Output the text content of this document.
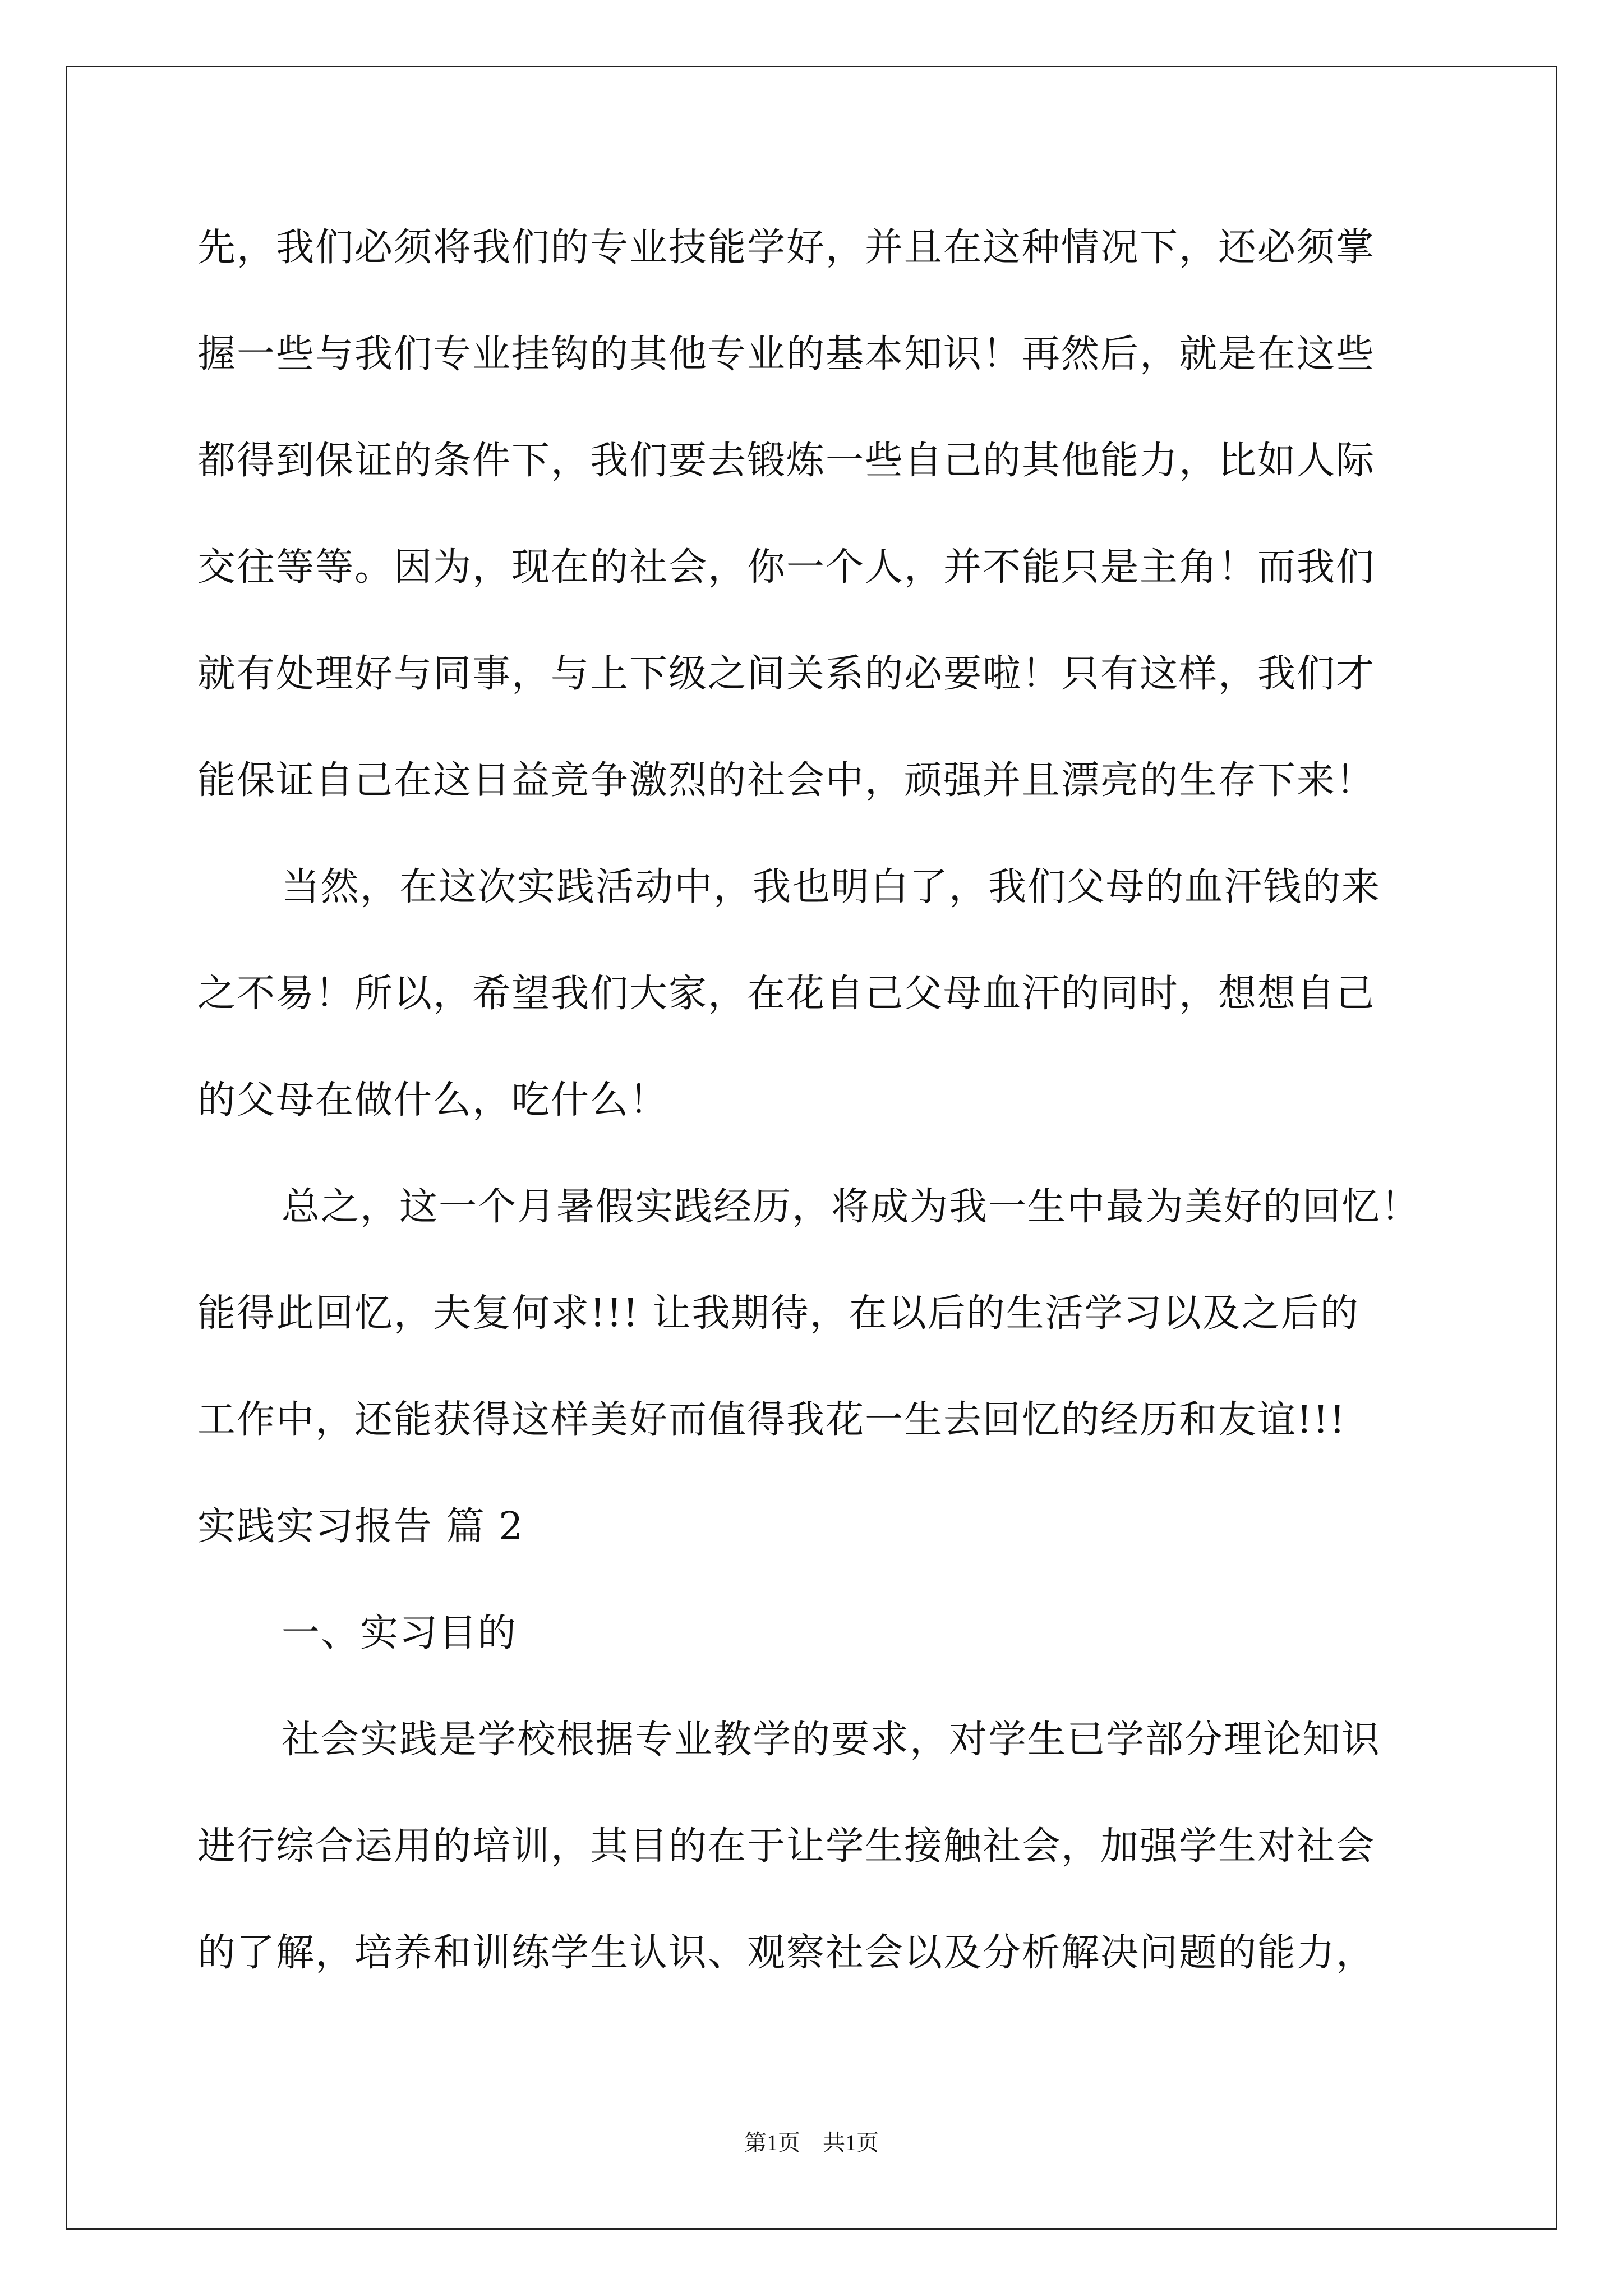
先，我们必须将我们的专业技能学好，并且在这种情况下，还必须掌
握一些与我们专业挂钩的其他专业的基本知识！再然后，就是在这些
都得到保证的条件下，我们要去锻炼一些自己的其他能力，比如人际
交往等等。因为，现在的社会，你一个人，并不能只是主角！而我们
就有处理好与同事，与上下级之间关系的必要啦！只有这样，我们才
能保证自己在这日益竞争激烈的社会中，顽强并且漂亮的生存下来！
当然，在这次实践活动中，我也明白了，我们父母的血汗钱的来
之不易！所以，希望我们大家，在花自己父母血汗的同时，想想自己
的父母在做什么，吃什么！
总之，这一个月暑假实践经历，将成为我一生中最为美好的回忆！
能得此回忆，夫复何求!!! 让我期待，在以后的生活学习以及之后的
工作中，还能获得这样美好而值得我花一生去回忆的经历和友谊!!!
实践实习报告 篇 2
一、实习目的
社会实践是学校根据专业教学的要求，对学生已学部分理论知识
进行综合运用的培训，其目的在于让学生接触社会，加强学生对社会
的了解，培养和训练学生认识、观察社会以及分析解决问题的能力，
第1页　共1页
